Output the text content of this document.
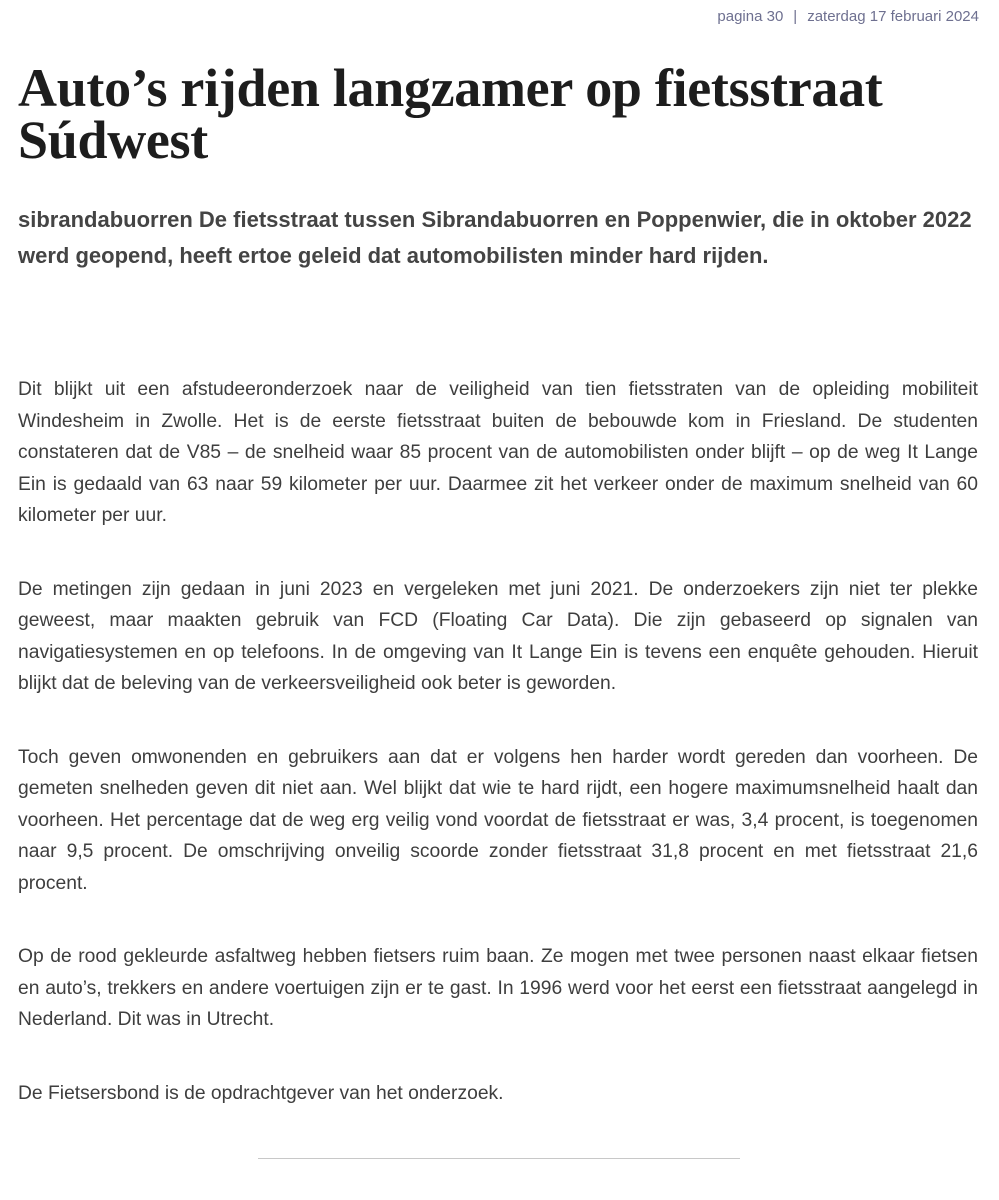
pagina 30 | zaterdag 17 februari 2024
Auto’s rijden langzamer op fietsstraat Súdwest

sibrandabuorren De fietsstraat tussen Sibrandabuorren en Poppenwier, die in oktober 2022 werd geopend, heeft ertoe geleid dat automobilisten minder hard rijden.

Dit blijkt uit een afstudeeronderzoek naar de veiligheid van tien fietsstraten van de opleiding mobiliteit Windesheim in Zwolle. Het is de eerste fietsstraat buiten de bebouwde kom in Friesland. De studenten constateren dat de V85 – de snelheid waar 85 procent van de automobilisten onder blijft – op de weg It Lange Ein is gedaald van 63 naar 59 kilometer per uur. Daarmee zit het verkeer onder de maximum snelheid van 60 kilometer per uur.

De metingen zijn gedaan in juni 2023 en vergeleken met juni 2021. De onderzoekers zijn niet ter plekke geweest, maar maakten gebruik van FCD (Floating Car Data). Die zijn gebaseerd op signalen van navigatiesystemen en op telefoons. In de omgeving van It Lange Ein is tevens een enquête gehouden. Hieruit blijkt dat de beleving van de verkeersveiligheid ook beter is geworden.

Toch geven omwonenden en gebruikers aan dat er volgens hen harder wordt gereden dan voorheen. De gemeten snelheden geven dit niet aan. Wel blijkt dat wie te hard rijdt, een hogere maximumsnelheid haalt dan voorheen. Het percentage dat de weg erg veilig vond voordat de fietsstraat er was, 3,4 procent, is toegenomen naar 9,5 procent. De omschrijving onveilig scoorde zonder fietsstraat 31,8 procent en met fietsstraat 21,6 procent.

Op de rood gekleurde asfaltweg hebben fietsers ruim baan. Ze mogen met twee personen naast elkaar fietsen en auto’s, trekkers en andere voertuigen zijn er te gast. In 1996 werd voor het eerst een fietsstraat aangelegd in Nederland. Dit was in Utrecht.

De Fietsersbond is de opdrachtgever van het onderzoek.
